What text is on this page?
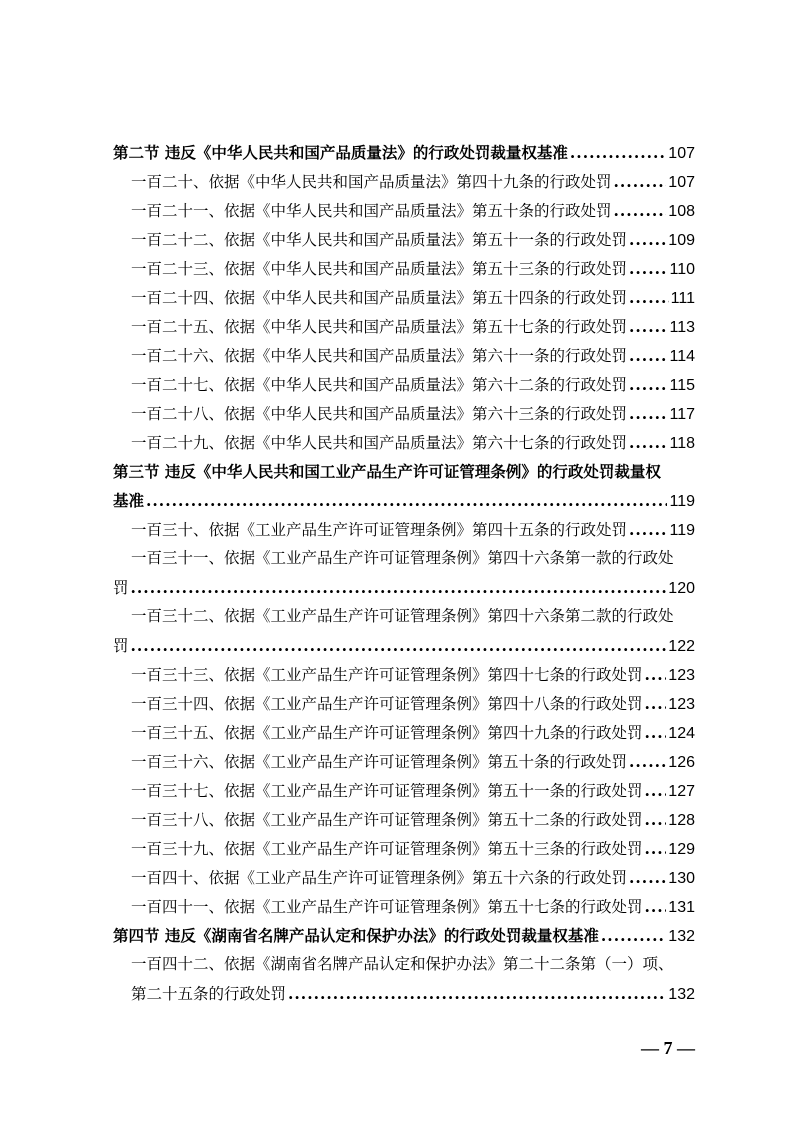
第二节 违反《中华人民共和国产品质量法》的行政处罚裁量权基准 .....	107
一百二十、依据《中华人民共和国产品质量法》第四十九条的行政处罚 .....	107
一百二十一、依据《中华人民共和国产品质量法》第五十条的行政处罚 .....	108
一百二十二、依据《中华人民共和国产品质量法》第五十一条的行政处罚 .....	109
一百二十三、依据《中华人民共和国产品质量法》第五十三条的行政处罚 .....	110
一百二十四、依据《中华人民共和国产品质量法》第五十四条的行政处罚 .....	111
一百二十五、依据《中华人民共和国产品质量法》第五十七条的行政处罚 .....	113
一百二十六、依据《中华人民共和国产品质量法》第六十一条的行政处罚 .....	114
一百二十七、依据《中华人民共和国产品质量法》第六十二条的行政处罚 .....	115
一百二十八、依据《中华人民共和国产品质量法》第六十三条的行政处罚 .....	117
一百二十九、依据《中华人民共和国产品质量法》第六十七条的行政处罚 .....	118
第三节 违反《中华人民共和国工业产品生产许可证管理条例》的行政处罚裁量权
基准 .....	119
一百三十、依据《工业产品生产许可证管理条例》第四十五条的行政处罚 .....	119
一百三十一、依据《工业产品生产许可证管理条例》第四十六条第一款的行政处
罚 .....	120
一百三十二、依据《工业产品生产许可证管理条例》第四十六条第二款的行政处
罚 .....	122
一百三十三、依据《工业产品生产许可证管理条例》第四十七条的行政处罚 ..... 123
一百三十四、依据《工业产品生产许可证管理条例》第四十八条的行政处罚 ..... 123
一百三十五、依据《工业产品生产许可证管理条例》第四十九条的行政处罚 ..... 124
一百三十六、依据《工业产品生产许可证管理条例》第五十条的行政处罚 .....	126
一百三十七、依据《工业产品生产许可证管理条例》第五十一条的行政处罚 ..... 127
一百三十八、依据《工业产品生产许可证管理条例》第五十二条的行政处罚 ..... 128
一百三十九、依据《工业产品生产许可证管理条例》第五十三条的行政处罚 ..... 129
一百四十、依据《工业产品生产许可证管理条例》第五十六条的行政处罚 .....	130
一百四十一、依据《工业产品生产许可证管理条例》第五十七条的行政处罚 ..... 131
第四节 违反《湖南省名牌产品认定和保护办法》的行政处罚裁量权基准 .....	132
一百四十二、依据《湖南省名牌产品认定和保护办法》第二十二条第（一）项、
第二十五条的行政处罚 .....	132
— 7 —
